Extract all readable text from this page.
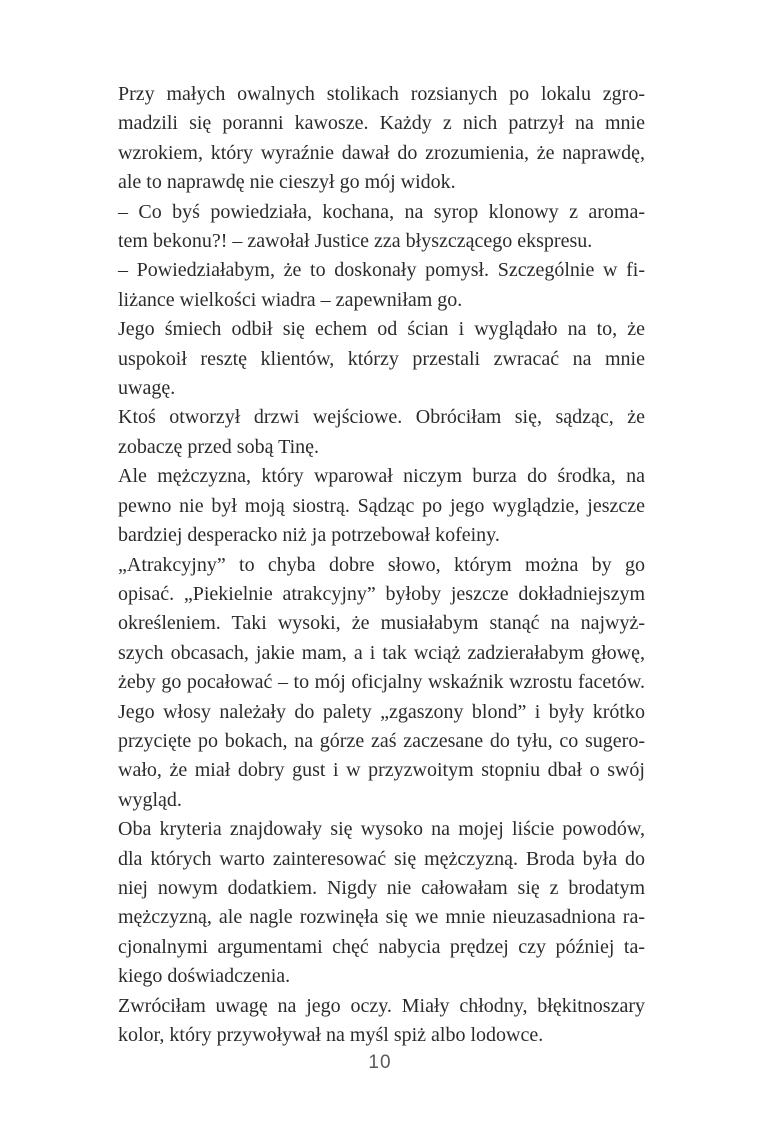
Przy małych owalnych stolikach rozsianych po lokalu zgro-
madzili się poranni kawosze. Każdy z nich patrzył na mnie
wzrokiem, który wyraźnie dawał do zrozumienia, że naprawdę,
ale to naprawdę nie cieszył go mój widok.
– Co byś powiedziała, kochana, na syrop klonowy z aroma-
tem bekonu?! – zawołał Justice zza błyszczącego ekspresu.
– Powiedziałabym, że to doskonały pomysł. Szczególnie w fi-
liżance wielkości wiadra – zapewniłam go.
Jego śmiech odbił się echem od ścian i wyglądało na to, że
uspokoił resztę klientów, którzy przestali zwracać na mnie
uwagę.
Ktoś otworzył drzwi wejściowe. Obróciłam się, sądząc, że
zobaczę przed sobą Tinę.
Ale mężczyzna, który wparował niczym burza do środka, na
pewno nie był moją siostrą. Sądząc po jego wyglądzie, jeszcze
bardziej desperacko niż ja potrzebował kofeiny.
„Atrakcyjny” to chyba dobre słowo, którym można by go
opisać. „Piekielnie atrakcyjny” byłoby jeszcze dokładniejszym
określeniem. Taki wysoki, że musiałabym stanąć na najwyż-
szych obcasach, jakie mam, a i tak wciąż zadzierałabym głowę,
żeby go pocałować – to mój oficjalny wskaźnik wzrostu facetów.
Jego włosy należały do palety „zgaszony blond” i były krótko
przycięte po bokach, na górze zaś zaczesane do tyłu, co sugero-
wało, że miał dobry gust i w przyzwoitym stopniu dbał o swój
wygląd.
Oba kryteria znajdowały się wysoko na mojej liście powodów,
dla których warto zainteresować się mężczyzną. Broda była do
niej nowym dodatkiem. Nigdy nie całowałam się z brodatym
mężczyzną, ale nagle rozwinęła się we mnie nieuzasadniona ra-
cjonalnymi argumentami chęć nabycia prędzej czy później ta-
kiego doświadczenia.
Zwróciłam uwagę na jego oczy. Miały chłodny, błękitnoszary
kolor, który przywoływał na myśl spiż albo lodowce.
10
